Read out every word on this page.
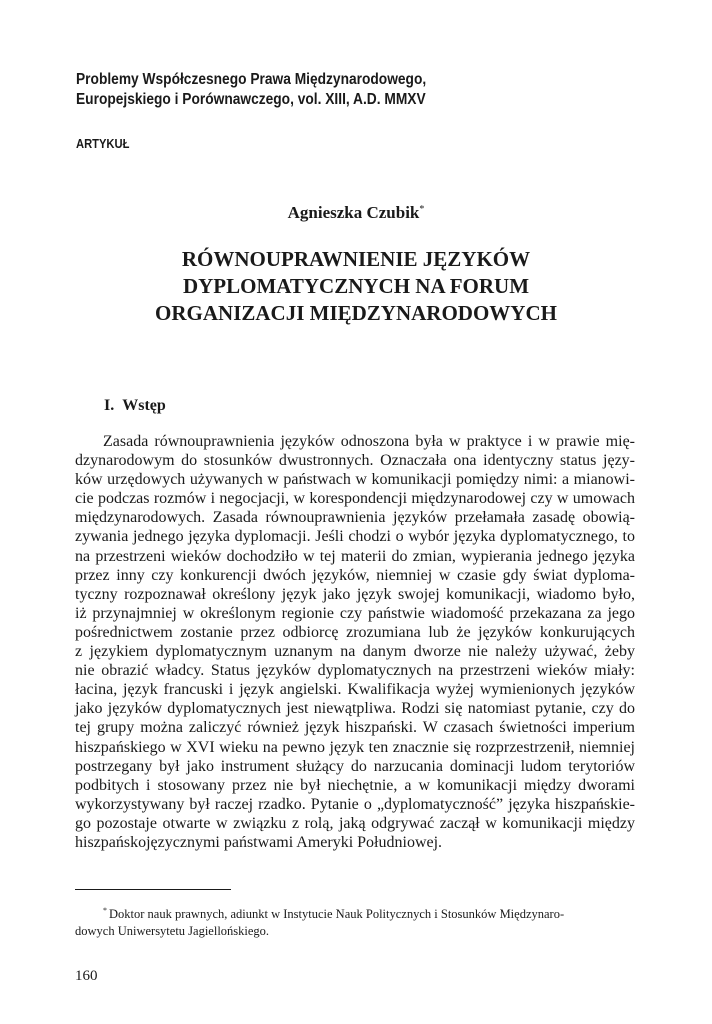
Problemy Współczesnego Prawa Międzynarodowego,
Europejskiego i Porównawczego, vol. XIII, A.D. MMXV
ARTYKUŁ
Agnieszka Czubik*
RÓWNOUPRAWNIENIE JĘZYKÓW
DYPLOMATYCZNYCH NA FORUM
ORGANIZACJI MIĘDZYNARODOWYCH
I. Wstęp
Zasada równouprawnienia języków odnoszona była w praktyce i w prawie mię-
dzynarodowym do stosunków dwustronnych. Oznaczała ona identyczny status języ-
ków urzędowych używanych w państwach w komunikacji pomiędzy nimi: a mianowi-
cie podczas rozmów i negocjacji, w korespondencji międzynarodowej czy w umowach
międzynarodowych. Zasada równouprawnienia języków przełamała zasadę obowią-
zywania jednego języka dyplomacji. Jeśli chodzi o wybór języka dyplomatycznego, to
na przestrzeni wieków dochodziło w tej materii do zmian, wypierania jednego języka
przez inny czy konkurencji dwóch języków, niemniej w czasie gdy świat dyploma-
tyczny rozpoznawał określony język jako język swojej komunikacji, wiadomo było,
iż przynajmniej w określonym regionie czy państwie wiadomość przekazana za jego
pośrednictwem zostanie przez odbiorcę zrozumiana lub że języków konkurujących
z językiem dyplomatycznym uznanym na danym dworze nie należy używać, żeby
nie obrazić władcy. Status języków dyplomatycznych na przestrzeni wieków miały:
łacina, język francuski i język angielski. Kwalifikacja wyżej wymienionych języków
jako języków dyplomatycznych jest niewątpliwa. Rodzi się natomiast pytanie, czy do
tej grupy można zaliczyć również język hiszpański. W czasach świetności imperium
hiszpańskiego w XVI wieku na pewno język ten znacznie się rozprzestrzenił, niemniej
postrzegany był jako instrument służący do narzucania dominacji ludom terytoriów
podbitych i stosowany przez nie był niechętnie, a w komunikacji między dworami
wykorzystywany był raczej rzadko. Pytanie o „dyplomatyczność” języka hiszpańskie-
go pozostaje otwarte w związku z rolą, jaką odgrywać zaczął w komunikacji między
hiszpańskojęzycznymi państwami Ameryki Południowej.
* Doktor nauk prawnych, adiunkt w Instytucie Nauk Politycznych i Stosunków Międzynaro-
dowych Uniwersytetu Jagiellońskiego.
160
